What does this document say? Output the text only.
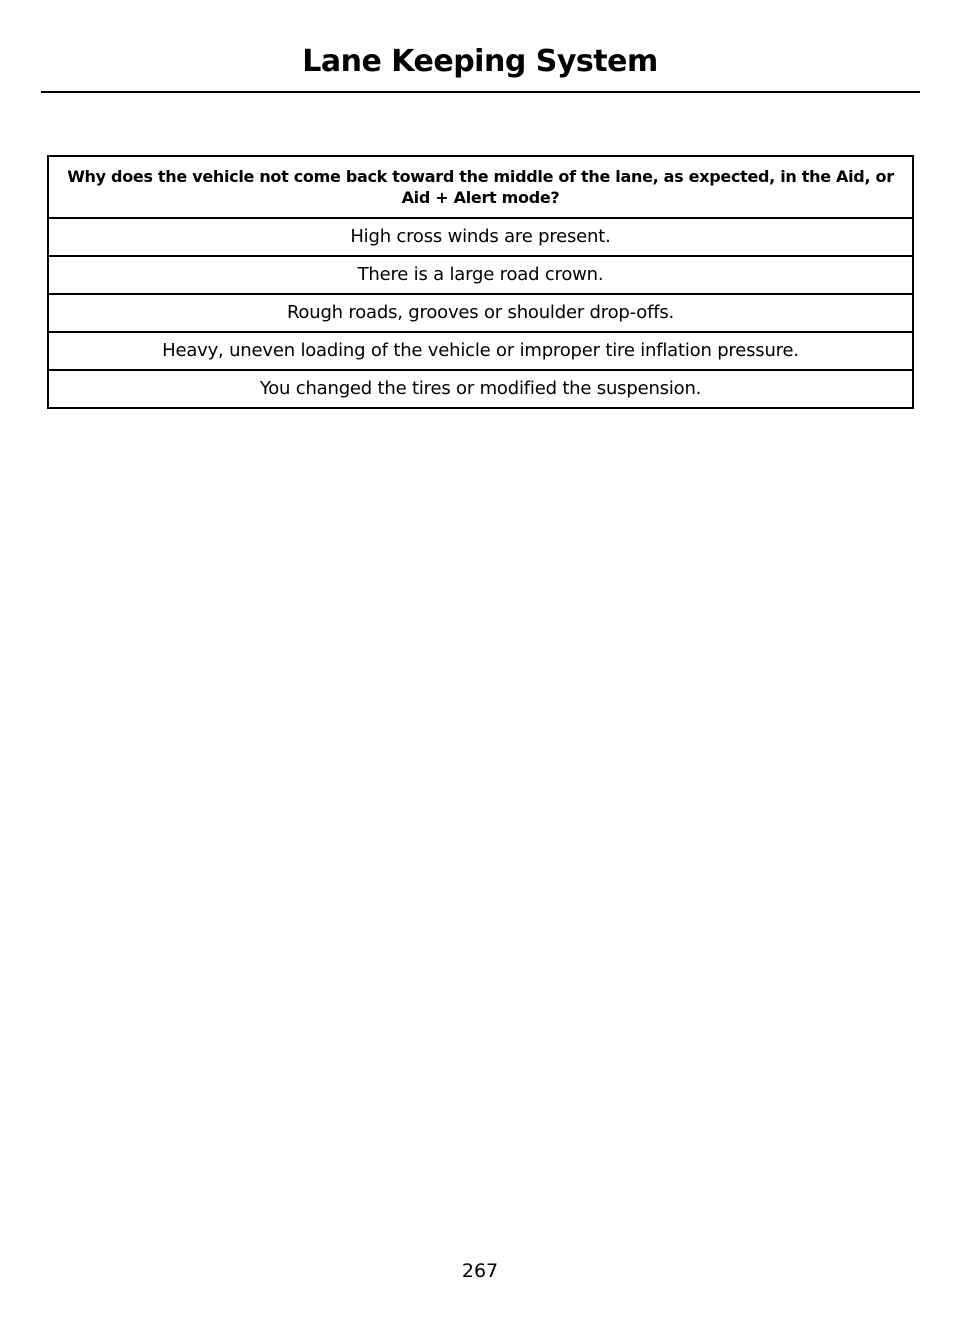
Lane Keeping System
Why does the vehicle not come back toward the middle of the lane, as expected, in the Aid, or Aid + Alert mode?
High cross winds are present.
There is a large road crown.
Rough roads, grooves or shoulder drop-offs.
Heavy, uneven loading of the vehicle or improper tire inflation pressure.
You changed the tires or modified the suspension.
267
